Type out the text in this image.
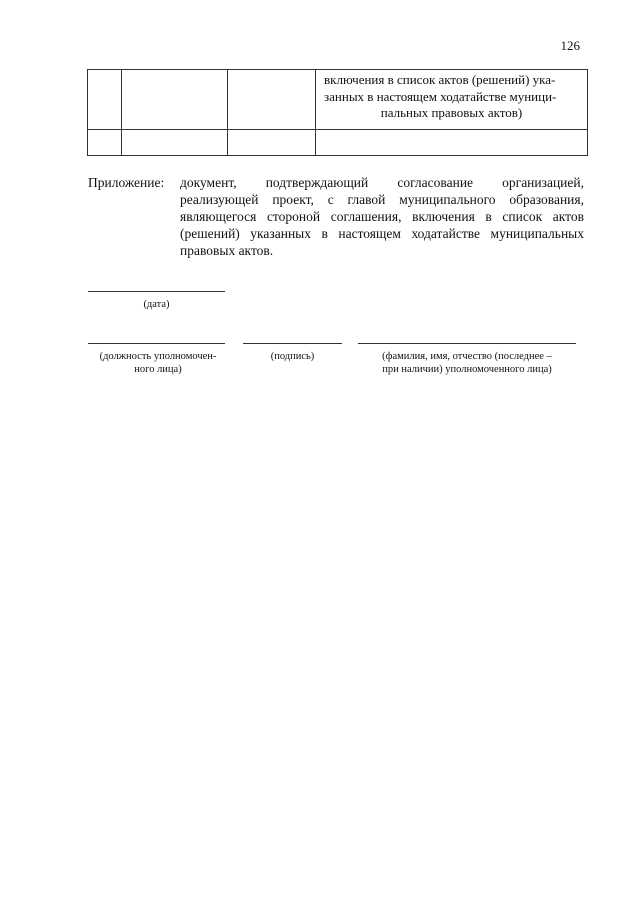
126

			включения в список актов (решений) ука-
занных в настоящем ходатайстве муници-
пальных правовых актов)

Приложение: документ, подтверждающий согласование организацией, реализующей проект, с главой муниципального образования, являющегося стороной соглашения, включения в список актов (решений) указанных в настоящем ходатайстве муниципальных правовых актов.
(дата)
(должность уполномочен-
ного лица)
(подпись)	(фамилия, имя, отчество (последнее –
при наличии) уполномоченного лица)
